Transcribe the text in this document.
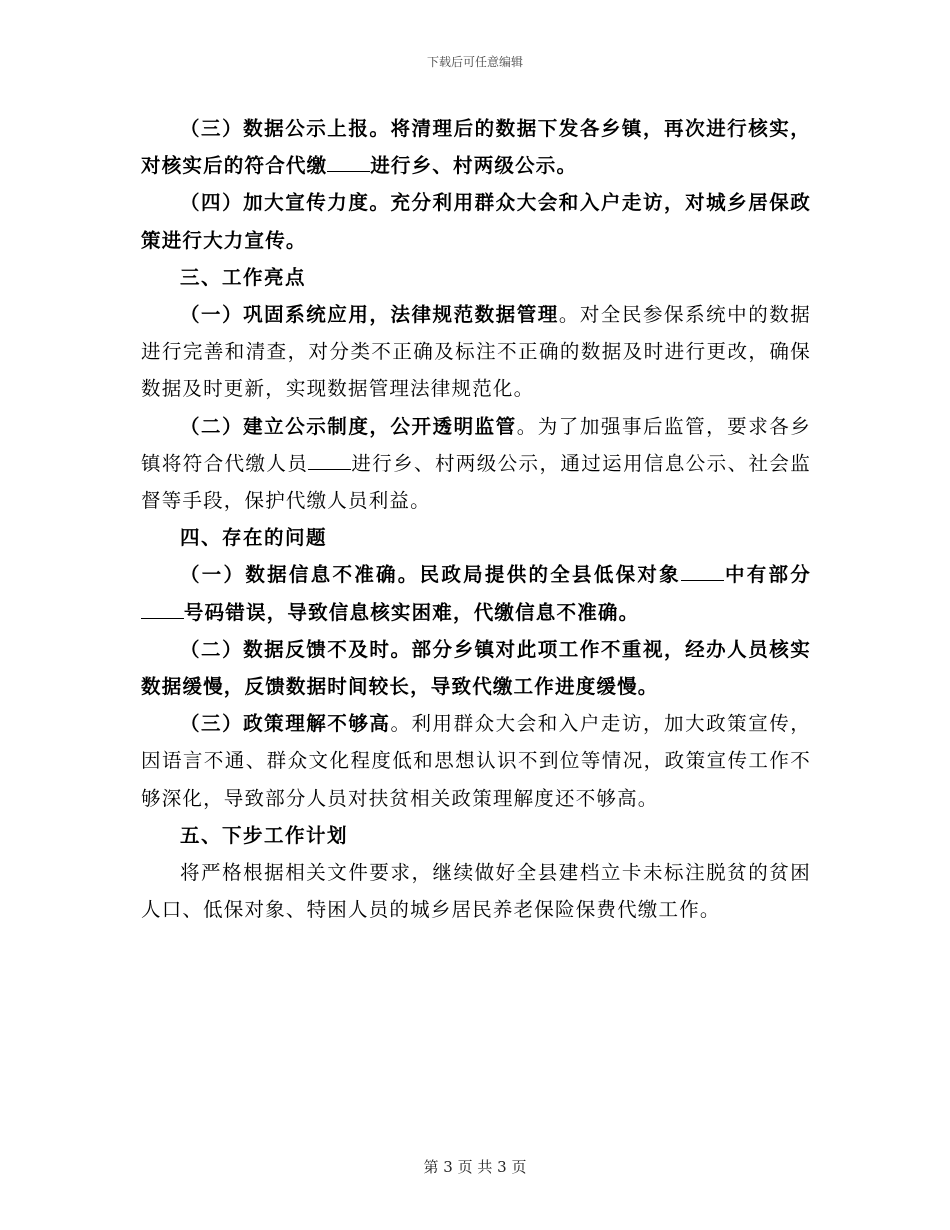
下载后可任意编辑

（三）数据公示上报。将清理后的数据下发各乡镇，再次进行核实，对核实后的符合代缴 进行乡、村两级公示。

（四）加大宣传力度。充分利用群众大会和入户走访，对城乡居保政策进行大力宣传。

三、工作亮点

（一）巩固系统应用，法律规范数据管理。对全民参保系统中的数据进行完善和清查，对分类不正确及标注不正确的数据及时进行更改，确保数据及时更新，实现数据管理法律规范化。

（二）建立公示制度，公开透明监管。为了加强事后监管，要求各乡镇将符合代缴人员 进行乡、村两级公示，通过运用信息公示、社会监督等手段，保护代缴人员利益。

四、存在的问题

（一）数据信息不准确。民政局提供的全县低保对象 中有部分号码错误，导致信息核实困难，代缴信息不准确。

（二）数据反馈不及时。部分乡镇对此项工作不重视，经办人员核实数据缓慢，反馈数据时间较长，导致代缴工作进度缓慢。

（三）政策理解不够高。利用群众大会和入户走访，加大政策宣传，因语言不通、群众文化程度低和思想认识不到位等情况，政策宣传工作不够深化，导致部分人员对扶贫相关政策理解度还不够高。

五、下步工作计划

将严格根据相关文件要求，继续做好全县建档立卡未标注脱贫的贫困人口、低保对象、特困人员的城乡居民养老保险保费代缴工作。

第 3 页 共 3 页
